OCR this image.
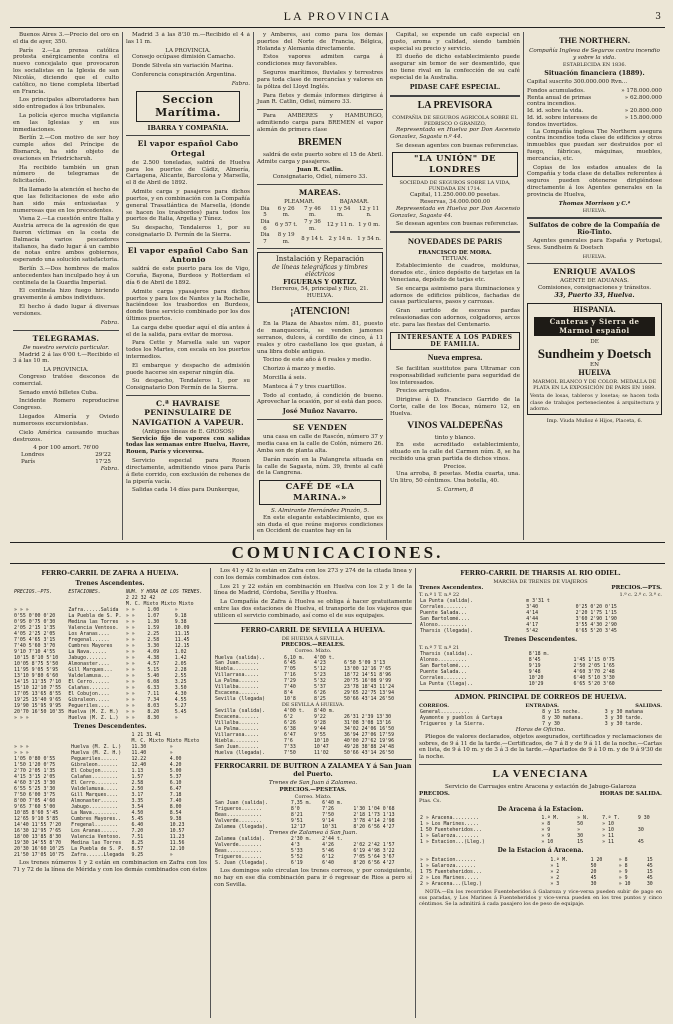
LA PROVINCIA	3

Buenos Aires 3.—Precio del oro en el dia de ayer, 350.

París 2.—La prensa católica protesta enérgicamente contra el nuevo concejalato que provocaron los socialistas en la Iglesia de san Nicolás, diciendo que el culto católico, no tiene completa libertad en Francia.

Los principales alborotadores han sido entregados á los tribunales.

La policía ejerce mucha vigilancia en las Iglesias y en sus inmediaciones.

Berlín 2.—Con motivo de ser hoy cumple años del Príncipe de Bismarck, ha sido objeto de ovaciones en Friedrichsruh.

Ha recibido también un gran número de telegramas de felicitación.

Ha llamado la atención el hecho de que las felicitaciones de este año han sido más entusiastas y numerosas que en los precedentes.

Viena 2.—La cuestión entre Italia y Austria arreca de la agresión de que fueron víctimas en la costa de Dalmacia varios pescadores italianos, ha dado lugar á un cambio de notas entre ambos gobiernos, esperando una solución satisfactoria.

Berlín 3.—Dos hombres de malos antecedentes han inculpado hoy á un centinela de la Guardia Imperial.

El centinela hizo fuego hiriendo gravemente á ambos individuos.

El hecho á dado lugar á diversas versiones.

Fabra.
TELEGRAMAS.
De nuestro servicio particular.

Madrid 2 á las 6'00 t.—Recibido el 3 á las 10 m.

LA PROVINCIA.

Congreso tratóse desconos de comercial.

Senado envió billetes Cuba.

Incidente Romero reproducirse Congreso.

Llegados Almería y Oviedo numerosos excursionistas.

Cielo América causando muchas destrozos.

4 por 100 amort. 76'00
Londres	29'22
París	17'25
Fabra.

Madrid 3 á las 8'30 m.—Recibido el 4 á las 11 m.

LA PROVINCIA.

Consejo ocúpase dimisión Camacho.

Donde Silvela sin variación Marina.

Conferencia conspiración Argentina.

Fabra.
Seccion Marítima.
IBARRA Y COMPAÑIA.
El vapor español Cabo Ortegal

de 2.500 toneladas, saldrá de Huelva para los puertos de Cádiz, Almería, Cartagena, Alicante, Barcelona y Marsella, el 8 de Abril de 1892.

Admite carga y pasajeros para dichos puertos, y en combinación con la Compañía general Trasatlántica de Marsella, (donde se hacen los trasbordos) para todos los puertos de Italia, Argelia y Túnez.

Su despacho, Tendaleros 1, por su consignatario D. Fermín de la Sierra.

El vapor español Cabo San Antonio

saldrá de este puerto para los de Vigo, Coruña, Bayona, Burdeos y Rotterdam el día 6 de Abril de 1892.

Admite carga ypasajeros para dichos puertos y para los de Nantes y la Rochelle, haciéndose los trasbordos en Burdeos, donde tiene servicio combinado por los dos últimos puertos.

La carga debe quedar aquí el día antes á el de la salida, para evitar de morosa.

Para Cette y Marsella sale un vapor todos los Martes, con escala en los puertos intermedios.

El embarque y despacho de admisión puede hacerse sin esperar ningún día.

Su despacho, Tendaleros 1, por su Consignatario Don Fermín de la Sierra.

C.ª HAVRAISE PENINSULAIRE DE NAVIGATION A VAPEUR.
(Antiguos líneas de E. GROSOS)

Servicio fijo de vapores con salidas todas las semanas entre Huelva, Havre, Rouen, París y viceversa.

Servicio especial para Rouen directamente, admitiendo vinos para París á flete corrido, con exclusión de rehenes de la pipería vacía.

Salidas cada 14 días para Dunkerque,

y Amberes, así como para los demás puertos del Norte de Francia, Bélgica, Holanda y Alemania directamente.

Estos vapores admiten carga á condiciones muy favorables.

Seguros marítimos, fluviales y terrestres para toda clase de mercancías y valores en la póliza del Lloyd Inglés.

Para fletes y demás informes dirigirse á Juan R. Catlin, Odiel, número 33.

Para AMBERES y HAMBURGO, admitiendo carga para BREMEN el vapor alemán de primera clase

BREMEN

saldrá de este puerto sobre el 15 de Abril. Admite carga y pasajeros.

Juan R. Catlin.
Consignatario, Odiel, número 33.
MAREAS.
	PLEAMAR.		BAJAMAR.	
Dia 5	6 y 26 m.	7 y 46 m.	11 y 54 m.	12 y 11 n.
Dia 6	6 y 57 t.	7 y 36 m.	12 y 11 n.	1 y 0 m.
Dia 7	8 y 19 m.	8 y 14 t.	2 y 14 n.	1 y 54 n.
Instalación y Reparación
de líneas telegráficas y timbres eléctricos
FIGUERAS Y ORTIZ.
Herreros, 54, principal y Rico, 21. HUELVA.
¡ATENCION!

En la Plaza de Abastos núm. 81, puesto de manquecería, se venden jamones serranos, dulces, á cordillo de cinco, á 11 reales y otro castellano los que gustan, á una libra doble antiguo.

Tocino de este año á 6 reales y medio.

Chorizo á marzo y medio.

Morcilla á seis.

Manteca á 7 y tres cuartillos.

Todo al contado, á condición de bueno. Aprovechar la ocasión, por si está dan poco.

José Muñoz Navarro.
SE VENDEN

una casa en calle de Rascón, número 37 y media casa en la calle de Colón, número 26. Amba son de planta alta.

Darán razón en la Palangreta situada en la calle de Sagasta, núm. 39, frente al café de la Cangrena.

CAFÉ DE «LA MARINA.»
S. Almirante Hernández Pinzón, 5.

En este elegante establecimiento, que es sin duda el que reúne mejores condiciones en Occident de cuantos hay en la

Capital, se expende un café especial en gusto, aroma y calidad, siendo también especial su precio y servicio.

El dueño de dicho establecimiento puede asegurar sin temor de ser desmentido, que no tiene rival en la confección de su café especial de la Australia.

PIDASE CAFÉ ESPECIAL.
LA PREVISORA
COMPAÑIA DE SEGUROS AGRICOLA SOBRE EL PEDRISCO O GRANIZO,

Representada en Huelva por Don Ascensio Gonzalez, Sagasta n.º 44.

Se desean agentes con buenas referencias.

"LA UNIÓN" DE LONDRES
SOCIEDAD DE SEGUROS SOBRE LA VIDA, FUNDADA EN 1714.
Capital, 11.250.000.00 pesetas.
Reservas, 34.000.000.00

Representada en Huelva por Don Ascensio Gonzalez, Sagasta 44.

Se desean agentes con buenas referencias.

NOVEDADES DE PARIS
FRANCISCO DE MORA.
TETUAN.

Establecimiento de cuadros, molduras, dorados etc., único depósito de tarjetas en la Veneciana, depósito de tarjas etc.

Se encarga asimismo para iluminaciones y adornos de edificios públicos, fachadas de casas particulares, pasos y carrozas.

Gran surtido de escoras pardas releasionadas con adornos, colgadores, arcos etc. para las fiestas del Centenario.

INTERESANTE A LOS PADRES DE FAMILIA.
Nueva empresa.

Se facilitan sustitutos para Ultramar con responsabilidad suficiente para seguridad de los interesados.

Precios arreglados.

Dirigirse á D. Francisco Garrido de la Corte, calle de los Bocas, número 12, en Huelva.

VINOS VALDEPEÑAS
tinto y blanco.

En este acreditado establecimiento, situado en la calle del Carmen núm. 8, se ha recibido una gran partida de dichos vinos.

Precios.

Una arroba, 8 pesetas. Media cuarta, una. Un litro, 50 céntimos. Una botella, 40.

S. Carmen, 8
THE NORTHERN.
Compañía Inglesa de Seguros contra incendio y sobre la vida.
ESTABLECIDA EN 1836.
Situación financiera (1889).

Capital suscrito 300.000.000 Rvn...

Fondos acumulados.	» 178.000.000
Renta anual de primas contra incendios.
» 62.800.000
Id. id. sobre la vida.	» 20.800.000
Id. id. sobre intereses de fondos invertidos.
» 15.800.000

La Compañía inglesa The Northern asegura contra incendios toda clase de edificios y otros inmuebles que puedan ser destruidos por el fuego, fábricas, máquinas, muebles, mercancías, etc.

Copias de los estados anuales de la Compañía y toda clase de detalles referentes á seguros pueden obtenerse dirigiéndose directamente á los Agentes generales en la provincia de Huelva,

Thomas Morrison y C.ª
HUELVA.
Sulfatos de cobre de la Compañía de Río-Tinto.

Agentes generales para España y Portugal, Sres. Sundheim & Doetsch

HUELVA.
ENRIQUE AVALOS
AGENTE DE ADUANAS.
Comisiones, consignaciones y tránsitos.
33, Puerto 33, Huelva.
HISPANIA.
Canteras y Sierra de Marmol español
DE
Sundheim y Doetsch
EN
HUELVA
MARMOL BLANCO Y DE COLOR. MEDALLA DE PLATA EN LA EXPOSICIÓN DE PARIS EN 1889.
Venta de losas, tableros y losetas; se hacen toda clase de trabajos pertenecientes á arquitectura y adorno.
Imp. Viuda Muñoz é Hijos, Placeta, 6.
COMUNICACIONES.
FERRO-CARRIL DE ZAFRA A HUELVA.
Trenes Ascendentes.
PRECIOS.—PTS.	ESTACIONES.	NUM. Y HORA DE LOS TRENES.		
		2 22 32 42		
		M. C. Mixto Mixto Mixto		
» » »	Zafra......Salida	» »	1.00	»
0'55 0'00 0'20	La Puebla de S. P.	» »	1.07	9.18
0'95 0'75 0'30	Medina las Torres	» »	1.30	9.38
2'05 2'15 1'35	Valencia Ventoso.	» »	1.59	10.09
4'05 2'25 2'05	Los Aranas....	» »	2.25	11.15
7'05 4'65 3'15	Fregenal......	» »	2.58	11.45
7'40 5'60 3'70	Cumbres Mayores	» »	3.30	12.15
9'10 7'10 4'55	La Nava......	» »	4.09	1.02
10'15 8'10 5'10	Jabugo.......	» »	4.38	1.42
10'05 8'75 5'50	Almonaster....	» »	4.57	2.05
11'95 9'05 5'95	Gill Marques...	» »	5.15	2.28
13'10 9'80 6'60	Valdelamusa...	» »	5.40	2.55
14'15 11'35 7'10	El Cerro......	» »	6.08	3.25
15'10 12'10 7'55	Calañas.......	» »	6.33	3.50
17'05 13'65 8'55	El Cobujon....	» »	7.11	4.30
19'25 15'40 9'65	Gibraleon.....	» »	7.34	4.55
19'90 15'95 9'95	Pegueriles....	» »	8.03	5.27
20'70 16'50 10'35	Huelva (M. Z. H.)	» »	8.20	5.45
» » »	Huelva (M. Z. L.)	» »	8.30	»
Trenes Descendentes.
		1 21 31 41	
		M. C. Mixto Mixto Mixto	
» » »	Huelva (M. Z. L.)	11.30	»
» » »	Huelva (M. Z. H.)	11.40	»
1'05 0'80 0'55	Pegueriles......	12.22	4.00
1'50 1'20 0'75	Gibraleon.......	12.40	4.20
2'70 2'05 1'35	El Cobujon......	1.13	5.00
4'15 3'15 2'05	Calañas.........	1.57	5.37
4'60 3'25 3'30	El Cerro........	2.58	6.10
6'55 5'25 3'30	Valdelamusa.....	2.50	6.47
7'50 6'00 3'75	Gill Marques....	3.17	7.18
8'00 7'05 4'60	Almonaster......	3.35	7.40
9'65 7'60 5'00	Jabugo..........	3.54	8.00
10'85 8'60 5'45	La Nava.........	4.50	8.54
12'65 9'10 5'85	Cumbres Mayores..	5.45	9.38
14'40 11'55 7'20	Fregenal........	6.40	10.23
16'30 12'95 7'65	Los Aranas......	7.20	10.57
18'00 13'85 8'30	Valencia Ventoso.	7.51	11.23
19'30 14'55 8'70	Medina las Torres	8.25	11.56
20'30 16'60 10'25	La Puebla de S. P.	8.57	12.10
21'50 17'05 10'75	Zafra......Llegada	9.25	»

Los trenes números 1 y 2 están en combinacion en Zafra con los 71 y 72 de la línea de Mérida y con los demás combinados con éstos

Los 41 y 42 lo están en Zafra con los 273 y 274 de la citada línea y con los demás combinados con éstos.

Los 21 y 22 están en combinación en Huelva con los 2 y 1 de la línea de Madrid, Córdoba, Sevilla y Huelva.

La Compañía de Zafra á Huelva se obliga á hacer gratuitamente entre las dos estaciones de Huelva, el transporte de los viajeros que utilicen el servicio combinado, así como el de sus equipajes.

FERRO-CARRIL DE SEVILLA A HUELVA.
DE HUELVA Á SEVILLA.
PRECIOS.—REALES.
Correo. Mixto.
Huelva (salida)..	6,10 m.	4'00 t.	
San Juan.......	6'45	4'23	6'50 5'09 3'13
Niebla.........	7'05	5'12	13'00 12'16 7'65
Villarrasa.....	7'16	5'23	18'72 14'51 8'96
La Palma.......	7'29	5'32	20'75 16'08 9'99
Villalba.......	7'40	5'37	23'78 18'43 11'24
Escacena.......	8'4	6'26	29'65 22'75 13'94
Sevilla (llegada)	10'8	8'25	50'66 43'14 26'50
DE SEVILLA Á HUELVA.
Sevilla (salida).	4'00 t.	8'40 m.	
Escacena.......	6'2	9'22	26'31 2'39 13'30
Villalba.......	6'26	9'28	31'08 3'08 13'16
La Palma.......	6'38	9'44	34'02 24'06 16'50
Villarrasa.....	6'47	9'55	36'94 27'06 17'59
Niebla.........	7'6	10'10	40'00 27'62 19'96
San Juan.......	7'33	10'47	49'28 38'88 24'48
Huelva (llegada).	7'50	11'02	50'66 43'14 26'50
FERROCARRIL DE BUITRON A ZALAMEA Y á San Juan del Puerto.
Trenes de San Juan á Zalamea.
PRECIOS.—PESETAS.
Correo. Mixto.
San Juan (salida).	7,35 m.	6'40 m.	
Trigueros.......	8'0	7'26	1'30 1'04 0'68
Beas............	8'21	7'50	2'18 1'73 1'13
Valverde........	9'51	9'14	3'78 4'14 2'98
Zalamea (llegada).	12'17	10'31	8'20 6'56 4'27
Trenes de Zalamea á San Juan.
Zalamea (salida).	2'30 m.	2'44 t.	
Valverde........	4'3	4'26	2'02 2'42 1'57
Beas............	5'33	5'46	6'19 4'98 3'22
Trigueros.......	5'52	6'12	7'05 5'64 3'67
S. Juan (llegada).	6'19	6'40	8'20 6'56 4'27

Los domingos solo circulan los trenes correos, y por consiguiente, no hay en ese día combinación para ir ó regresar de Rios a pero sí con Sevilla.

FERRO-CARRIL DE THARSIS AL RIO ODIEL.
MARCHA DE TRENES DE VIAJEROS
Trenes Ascendentes.	PRECIOS.—PTS.
T. n.º 1 T. n.º 22	1.ª c. 2.ª c. 3.ª c.
La Punta (salida).	m 3'31 t		
Corrales........	3'40	0'25 0'20 0'15	
Puente Salada...	4'14	2'20 1'75 1'15	
San Bartolomé....	4'44	3'60 2'90 1'90	
Alonso..........	4'17	3'55 4'30 2'90	
Tharsis (llegada).	5'42	6'65 5'20 3'45	
Trenes Descendentes.
T. n.º 7 T. n.º 21
Tharsis (salida)..	8'18 m.		
Alonso..........	8'45	1'45 1'15 0'75	
San Bartolomé....	9'19	2'50 2'05 1'65	
Puente Salada...	9'48	4'60 3'70 2'48	
Corrales........	10'20	6'40 5'10 3'30	
La Punta (llega)..	10'29	6'65 5'20 3'60	
ADMON. PRINCIPAL DE CORREOS DE HUELVA.
CORREOS.	ENTRADAS.	SALIDAS.
General..........	8 y 15 noche.	3 y 30 mañana
Ayamonte y pueblos á Cartaya	8 y 30 mañana.	3 y 30 tarde.
Trigueros y la Sierra.	7 y 30	3 y 30 tarde.
Horas de Oficina.

Pliegos de valores declarados, objetos asegurados, certificados y reclamaciones de sobres, de 9 á 11 de la tarde.—Certificados, de 7 á 8 y de 9 á 11 de la noche.—Cartas en lista, de 9 á 10 m. y de 3 á 3 de la tarde.—Apartados de 9 á 10 m. y de 9 á 9'30 de la noche.

LA VENECIANA
Servicio de Carruajes entre Aracena y estación de Jabugo-Galaroza
PRECIOS.	HORAS DE SALIDA.
Ptas. Cs.
De Aracena á la Estacion.
2 » Aracena.........	1.ª M.	» N.	7.ª T.	9 30
1 » Los Marines.....	» 8	50	» 10	
1 50 Fuenteheridos...	» 9	»	» 10	30
1 » Galaroza........	» 9	30	» 11	
1 » Estacion...(Lleg.)	» 10	15	» 11	45
De la Estacion á Aracena.
» » Estacion.......	1.ª M.	1 20	» 8	15
1 » Galaroza.......	» 1	50	» 8	45
1 75 Fuenteheridos...	» 2	20	» 9	15
2 » Los Marines.....	» 2	45	» 9	45
2 » Aracena...(Lleg.)	» 3	30	» 10	30

NOTA.—En los recorridos Fuenteheridos á Galaroza y vice-versa pueden subir de pago en sus paradas, y Los Marines á Fuenteheridos y vice-versa pueden en los tres puntos y cinco céntimos. Se la admitirá á cada pasajero los de peso de equipaje.
